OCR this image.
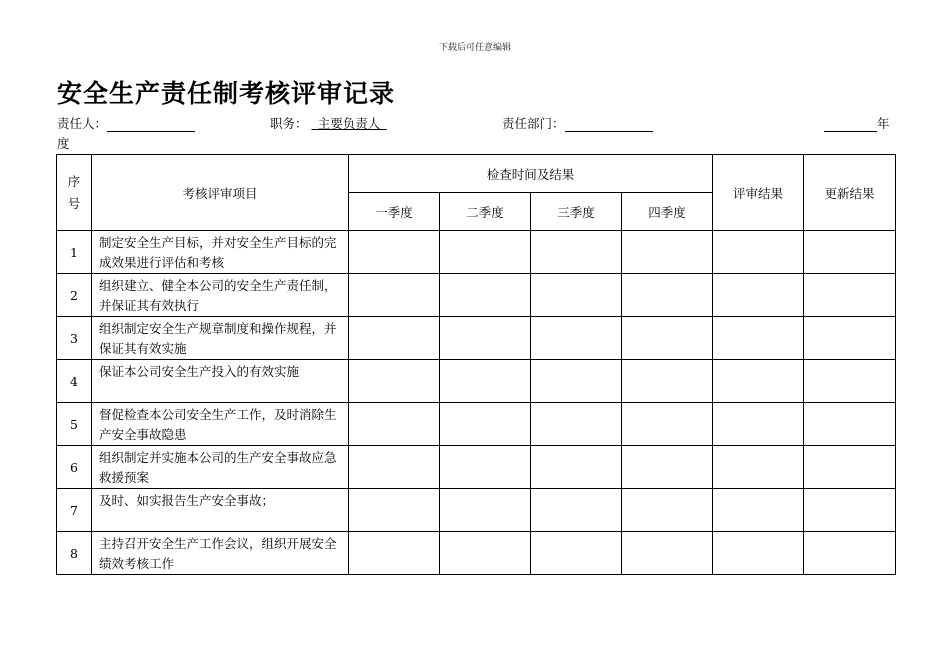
下载后可任意编辑
安全生产责任制考核评审记录
责任人：	职务：  主要负责人 	责任部门：	年
度
序号	考核评审项目	检查时间及结果				评审结果	更新结果
		一季度	二季度	三季度	四季度		
1	制定安全生产目标，并对安全生产目标的完成效果进行评估和考核						
2	组织建立、健全本公司的安全生产责任制，并保证其有效执行						
3	组织制定安全生产规章制度和操作规程，并保证其有效实施						
4	保证本公司安全生产投入的有效实施						
5	督促检查本公司安全生产工作，及时消除生产安全事故隐患						
6	组织制定并实施本公司的生产安全事故应急救援预案						
7	及时、如实报告生产安全事故；						
8	主持召开安全生产工作会议，组织开展安全绩效考核工作						
